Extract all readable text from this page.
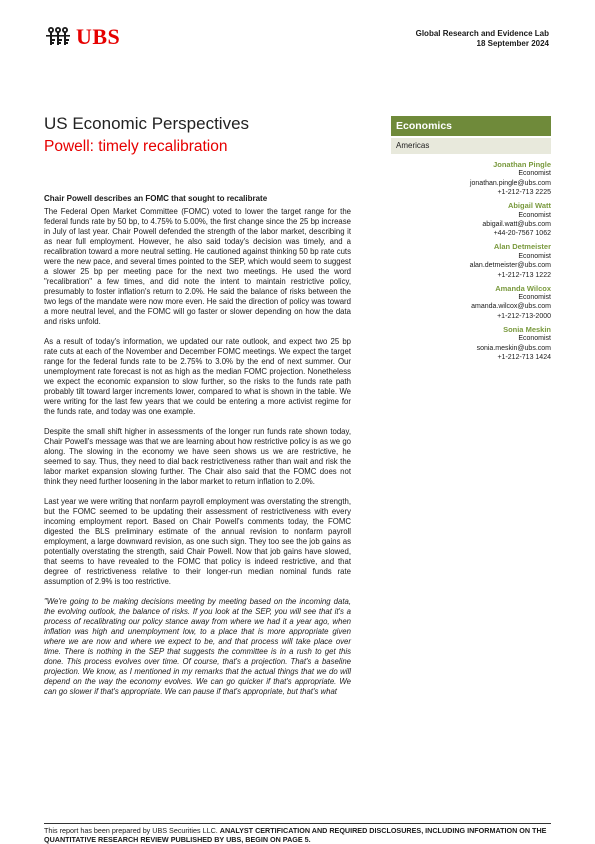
UBS	Global Research and Evidence Lab
18 September 2024
US Economic Perspectives
Powell: timely recalibration
Economics
Americas
Jonathan Pingle
Economist
jonathan.pingle@ubs.com
+1-212-713 2225
Abigail Watt
Economist
abigail.watt@ubs.com
+44-20-7567 1062
Alan Detmeister
Economist
alan.detmeister@ubs.com
+1-212-713 1222
Amanda Wilcox
Economist
amanda.wilcox@ubs.com
+1-212-713-2000
Sonia Meskin
Economist
sonia.meskin@ubs.com
+1-212-713 1424
Chair Powell describes an FOMC that sought to recalibrate

The Federal Open Market Committee (FOMC) voted to lower the target range for the federal funds rate by 50 bp, to 4.75% to 5.00%, the first change since the 25 bp increase in July of last year. Chair Powell defended the strength of the labor market, describing it as near full employment. However, he also said today's decision was timely, and a recalibration toward a more neutral setting. He cautioned against thinking 50 bp rate cuts were the new pace, and several times pointed to the SEP, which would seem to suggest a slower 25 bp per meeting pace for the next two meetings. He used the word "recalibration" a few times, and did note the intent to maintain restrictive policy, presumably to foster inflation's return to 2.0%. He said the balance of risks between the two legs of the mandate were now more even. He said the direction of policy was toward a more neutral level, and the FOMC will go faster or slower depending on how the data and risks unfold.

As a result of today's information, we updated our rate outlook, and expect two 25 bp rate cuts at each of the November and December FOMC meetings. We expect the target range for the federal funds rate to be 2.75% to 3.0% by the end of next summer. Our unemployment rate forecast is not as high as the median FOMC projection. Nonetheless we expect the economic expansion to slow further, so the risks to the funds rate path probably tilt toward larger increments lower, compared to what is shown in the table. We were writing for the last few years that we could be entering a more activist regime for the funds rate, and today was one example.

Despite the small shift higher in assessments of the longer run funds rate shown today, Chair Powell's message was that we are learning about how restrictive policy is as we go along. The slowing in the economy we have seen shows us we are restrictive, he seemed to say. Thus, they need to dial back restrictiveness rather than wait and risk the labor market expansion slowing further. The Chair also said that the FOMC does not think they need further loosening in the labor market to return inflation to 2.0%.

Last year we were writing that nonfarm payroll employment was overstating the strength, but the FOMC seemed to be updating their assessment of restrictiveness with every incoming employment report. Based on Chair Powell's comments today, the FOMC digested the BLS preliminary estimate of the annual revision to nonfarm payroll employment, a large downward revision, as one such sign. They too see the job gains as potentially overstating the strength, said Chair Powell. Now that job gains have slowed, that seems to have revealed to the FOMC that policy is indeed restrictive, and that degree of restrictiveness relative to their longer-run median nominal funds rate assumption of 2.9% is too restrictive.

"We're going to be making decisions meeting by meeting based on the incoming data, the evolving outlook, the balance of risks. If you look at the SEP, you will see that it's a process of recalibrating our policy stance away from where we had it a year ago, when inflation was high and unemployment low, to a place that is more appropriate given where we are now and where we expect to be, and that process will take place over time. There is nothing in the SEP that suggests the committee is in a rush to get this done. This process evolves over time. Of course, that's a projection. That's a baseline projection. We know, as I mentioned in my remarks that the actual things that we do will depend on the way the economy evolves. We can go quicker if that's appropriate. We can go slower if that's appropriate. We can pause if that's appropriate, but that's what

This report has been prepared by UBS Securities LLC. ANALYST CERTIFICATION AND REQUIRED DISCLOSURES, INCLUDING INFORMATION ON THE QUANTITATIVE RESEARCH REVIEW PUBLISHED BY UBS, BEGIN ON PAGE 5.
